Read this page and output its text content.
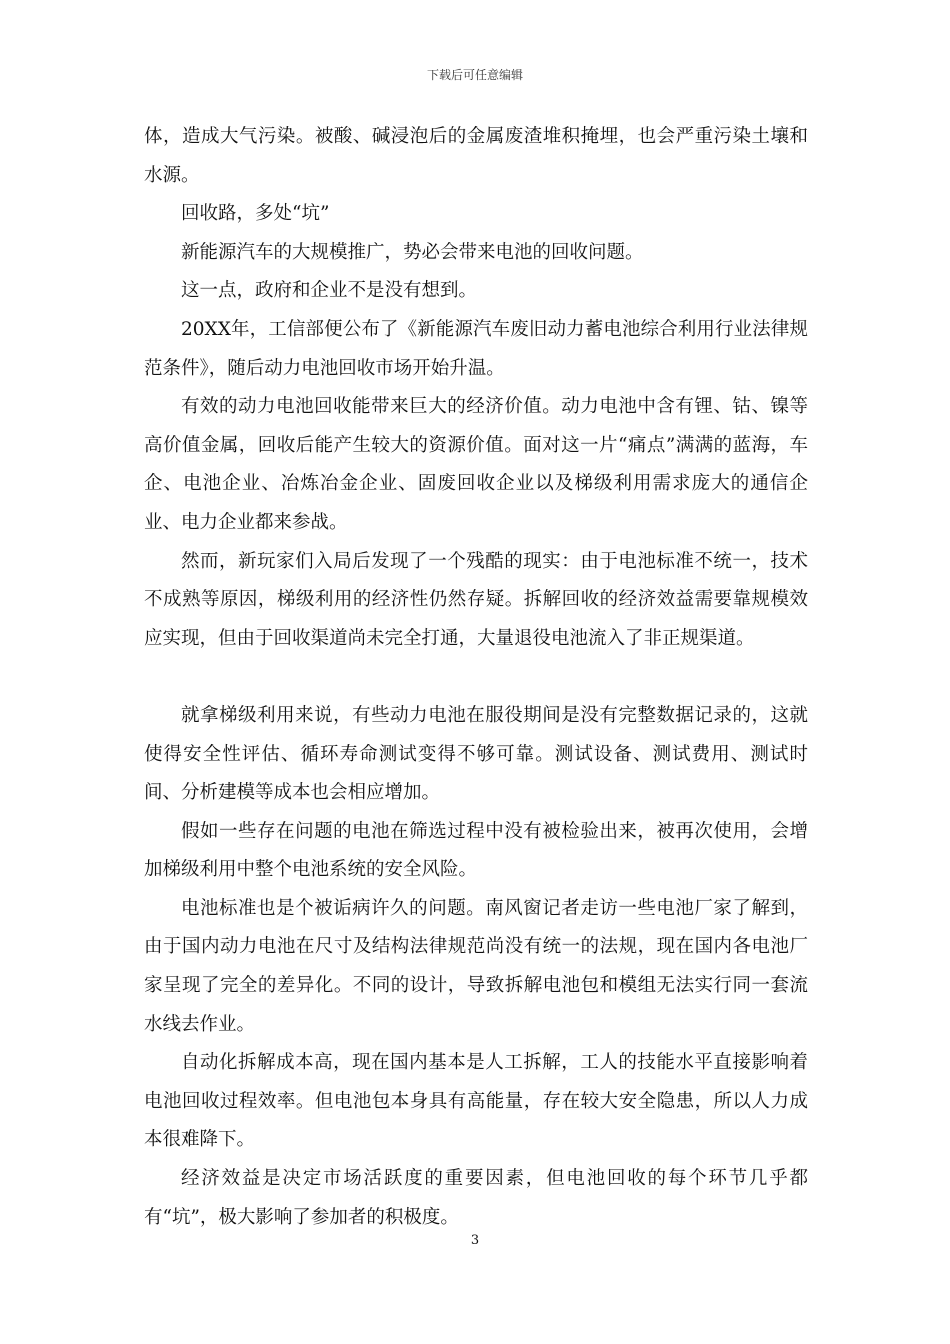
下载后可任意编辑

体，造成大气污染。被酸、碱浸泡后的金属废渣堆积掩埋，也会严重污染土壤和水源。

回收路，多处“坑”

新能源汽车的大规模推广，势必会带来电池的回收问题。

这一点，政府和企业不是没有想到。

20XX年，工信部便公布了《新能源汽车废旧动力蓄电池综合利用行业法律规范条件》，随后动力电池回收市场开始升温。

有效的动力电池回收能带来巨大的经济价值。动力电池中含有锂、钴、镍等高价值金属，回收后能产生较大的资源价值。面对这一片“痛点”满满的蓝海，车企、电池企业、冶炼冶金企业、固废回收企业以及梯级利用需求庞大的通信企业、电力企业都来参战。

然而，新玩家们入局后发现了一个残酷的现实：由于电池标准不统一，技术不成熟等原因，梯级利用的经济性仍然存疑。拆解回收的经济效益需要靠规模效应实现，但由于回收渠道尚未完全打通，大量退役电池流入了非正规渠道。

就拿梯级利用来说，有些动力电池在服役期间是没有完整数据记录的，这就使得安全性评估、循环寿命测试变得不够可靠。测试设备、测试费用、测试时间、分析建模等成本也会相应增加。

假如一些存在问题的电池在筛选过程中没有被检验出来，被再次使用，会增加梯级利用中整个电池系统的安全风险。

电池标准也是个被诟病许久的问题。南风窗记者走访一些电池厂家了解到，由于国内动力电池在尺寸及结构法律规范尚没有统一的法规，现在国内各电池厂家呈现了完全的差异化。不同的设计，导致拆解电池包和模组无法实行同一套流水线去作业。

自动化拆解成本高，现在国内基本是人工拆解，工人的技能水平直接影响着电池回收过程效率。但电池包本身具有高能量，存在较大安全隐患，所以人力成本很难降下。

经济效益是决定市场活跃度的重要因素，但电池回收的每个环节几乎都有“坑”，极大影响了参加者的积极度。

3
